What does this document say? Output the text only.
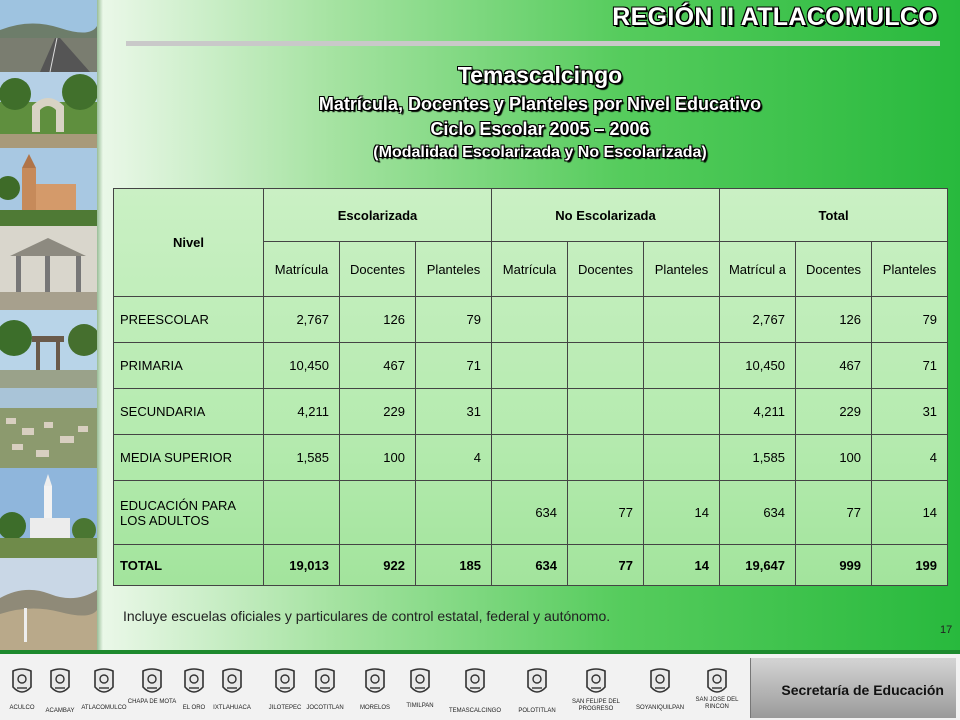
REGIÓN II ATLACOMULCO
Temascalcingo
Matrícula, Docentes y Planteles por Nivel Educativo
Ciclo Escolar 2005 – 2006
(Modalidad Escolarizada y No Escolarizada)
Nivel	Escolarizada			No Escolarizada			Total		
	Matrícula	Docentes	Planteles	Matrícula	Docentes	Planteles	Matrícul a	Docentes	Planteles
PREESCOLAR	2,767	126	79				2,767	126	79
PRIMARIA	10,450	467	71				10,450	467	71
SECUNDARIA	4,211	229	31				4,211	229	31
MEDIA SUPERIOR	1,585	100	4				1,585	100	4
EDUCACIÓN PARA LOS ADULTOS				634	77	14	634	77	14
TOTAL	19,013	922	185	634	77	14	19,647	999	199
Incluye escuelas oficiales y particulares de control estatal, federal y autónomo.
17
ACULCO	ACAMBAY	ATLACOMULCO
CHAPA DE MOTA
EL ORO	IXTLAHUACA	JILOTEPEC JOCOTITLAN	MORELOS	TIMILPAN
TEMASCALCINGO	POLOTITLAN
SAN FELIPE DEL PROGRESO	SOYANIQUILPAN
SAN JOSE DEL RINCON
Secretaría de Educación
